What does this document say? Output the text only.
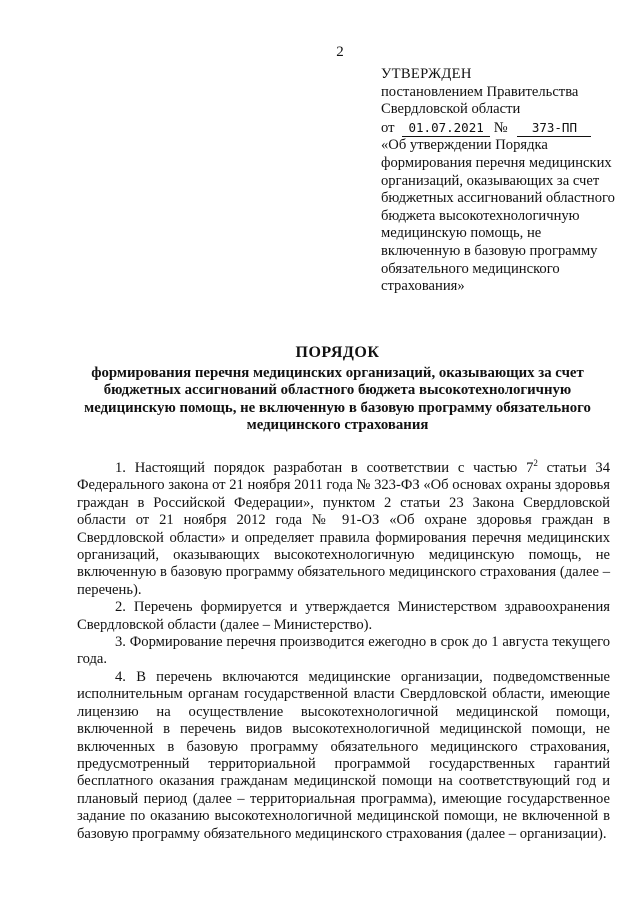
2
УТВЕРЖДЕН
постановлением Правительства
Свердловской области
от 01.07.2021 № 373-ПП
«Об утверждении Порядка формирования перечня медицинских организаций, оказывающих за счет бюджетных ассигнований областного бюджета высокотехнологичную медицинскую помощь, не включенную в базовую программу обязательного медицинского страхования»
ПОРЯДОК
формирования перечня медицинских организаций, оказывающих за счет бюджетных ассигнований областного бюджета высокотехнологичную медицинскую помощь, не включенную в базовую программу обязательного медицинского страхования

1. Настоящий порядок разработан в соответствии с частью $7^2$ статьи 34 Федерального закона от 21 ноября 2011 года № 323-ФЗ «Об основах охраны здоровья граждан в Российской Федерации», пунктом 2 статьи 23 Закона Свердловской области от 21 ноября 2012 года № 91-ОЗ «Об охране здоровья граждан в Свердловской области» и определяет правила формирования перечня медицинских организаций, оказывающих высокотехнологичную медицинскую помощь, не включенную в базовую программу обязательного медицинского страхования (далее – перечень).

2. Перечень формируется и утверждается Министерством здравоохранения Свердловской области (далее – Министерство).

3. Формирование перечня производится ежегодно в срок до 1 августа текущего года.

4. В перечень включаются медицинские организации, подведомственные исполнительным органам государственной власти Свердловской области, имеющие лицензию на осуществление высокотехнологичной медицинской помощи, включенной в перечень видов высокотехнологичной медицинской помощи, не включенных в базовую программу обязательного медицинского страхования, предусмотренный территориальной программой государственных гарантий бесплатного оказания гражданам медицинской помощи на соответствующий год и плановый период (далее – территориальная программа), имеющие государственное задание по оказанию высокотехнологичной медицинской помощи, не включенной в базовую программу обязательного медицинского страхования (далее – организации).
